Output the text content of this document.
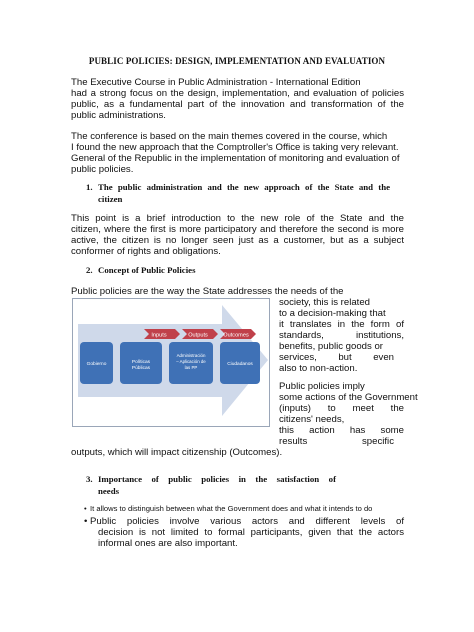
PUBLIC POLICIES: DESIGN, IMPLEMENTATION AND EVALUATION
The Executive Course in Public Administration - International Edition
had a strong focus on the design, implementation, and evaluation of policies
public, as a fundamental part of the innovation and transformation of the
public administrations.
The conference is based on the main themes covered in the course, which
I found the new approach that the Comptroller's Office is taking very relevant.
General of the Republic in the implementation of monitoring and evaluation of
public policies.
1. The public administration and the new approach of the State and the
citizen
This point is a brief introduction to the new role of the State and the
citizen, where the first is more participatory and therefore the second is more
active, the citizen is no longer seen just as a customer, but as a subject
conformer of rights and obligations.
2. Concept of Public Policies
Public policies are the way the State addresses the needs of the
society, this is related
to a decision-making that
it translates in the form of
standards, institutions,
benefits, public goods or
services, but even
also to non-action.
Public policies imply
some actions of the Government
(inputs) to meet the
citizens' needs,
this action has some
results specific
outputs, which will impact citizenship (Outcomes).
Inputs	Outputs	Outcomes
Gobierno	Políticas
Públicas
Administración
– Aplicación de
las PP
Ciudadanos
3. Importance of public policies in the satisfaction of
needs
• It allows to distinguish between what the Government does and what it intends to do
• Public policies involve various actors and different levels of
decision is not limited to formal participants, given that the actors
informal ones are also important.
